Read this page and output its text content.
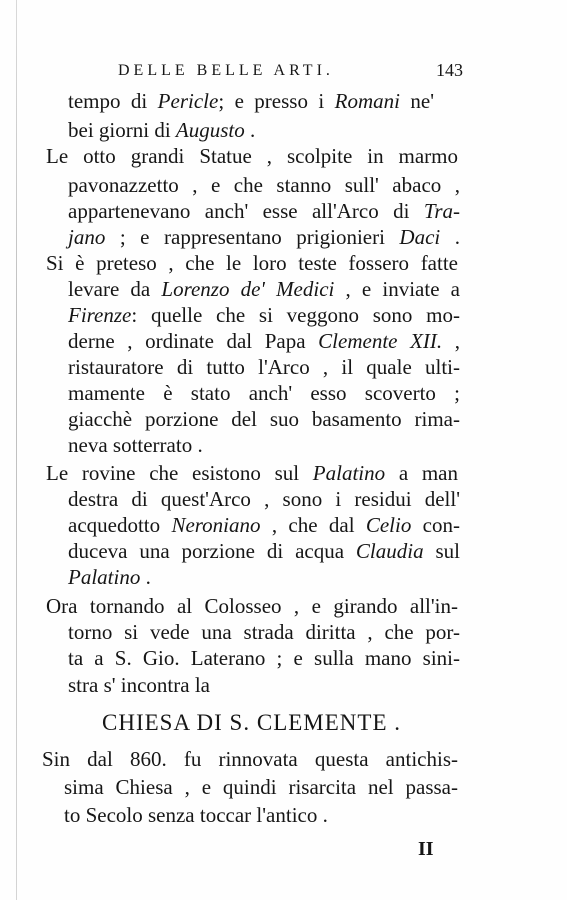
DELLE BELLE ARTI.	143
tempo di Pericle; e presso i Romani ne'
bei giorni di Augusto .
Le otto grandi Statue , scolpite in marmo
pavonazzetto , e che stanno sull' abaco ,
appartenevano anch' esse all'Arco di Tra-
jano ; e rappresentano prigionieri Daci .
Si è preteso , che le loro teste fossero fatte
levare da Lorenzo de' Medici , e inviate a
Firenze: quelle che si veggono sono mo-
derne , ordinate dal Papa Clemente XII. ,
ristauratore di tutto l'Arco , il quale ulti-
mamente è stato anch' esso scoverto ;
giacchè porzione del suo basamento rima-
neva sotterrato .
Le rovine che esistono sul Palatino a man
destra di quest'Arco , sono i residui dell'
acquedotto Neroniano , che dal Celio con-
duceva una porzione di acqua Claudia sul
Palatino .
Ora tornando al Colosseo , e girando all'in-
torno si vede una strada diritta , che por-
ta a S. Gio. Laterano ; e sulla mano sini-
stra s' incontra la
CHIESA DI S. CLEMENTE .
Sin dal 860. fu rinnovata questa antichis-
sima Chiesa , e quindi risarcita nel passa-
to Secolo senza toccar l'antico .
II
